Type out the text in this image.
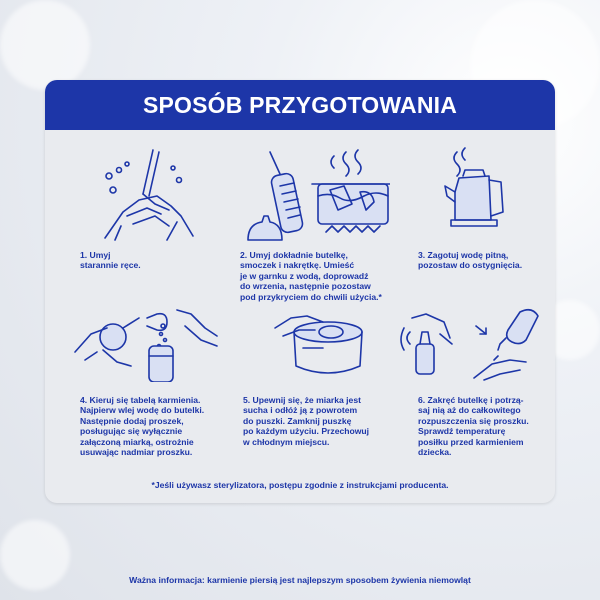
SPOSÓB PRZYGOTOWANIA
1. Umyj
starannie ręce.
2. Umyj dokładnie butelkę,
smoczek i nakrętkę. Umieść
je w garnku z wodą, doprowadź
do wrzenia, następnie pozostaw
pod przykryciem do chwili użycia.*
3. Zagotuj wodę pitną,
pozostaw do ostygnięcia.
4. Kieruj się tabelą karmienia.
Najpierw wlej wodę do butelki.
Następnie dodaj proszek,
posługując się wyłącznie
załączoną miarką, ostrożnie
usuwając nadmiar proszku.
5. Upewnij się, że miarka jest
sucha i odłóż ją z powrotem
do puszki. Zamknij puszkę
po każdym użyciu. Przechowuj
w chłodnym miejscu.
6. Zakręć butelkę i potrzą-
saj nią aż do całkowitego
rozpuszczenia się proszku.
Sprawdź temperaturę
posiłku przed karmieniem
dziecka.
*Jeśli używasz sterylizatora, postępu zgodnie z instrukcjami producenta.
Ważna informacja: karmienie piersią jest najlepszym sposobem żywienia niemowląt
